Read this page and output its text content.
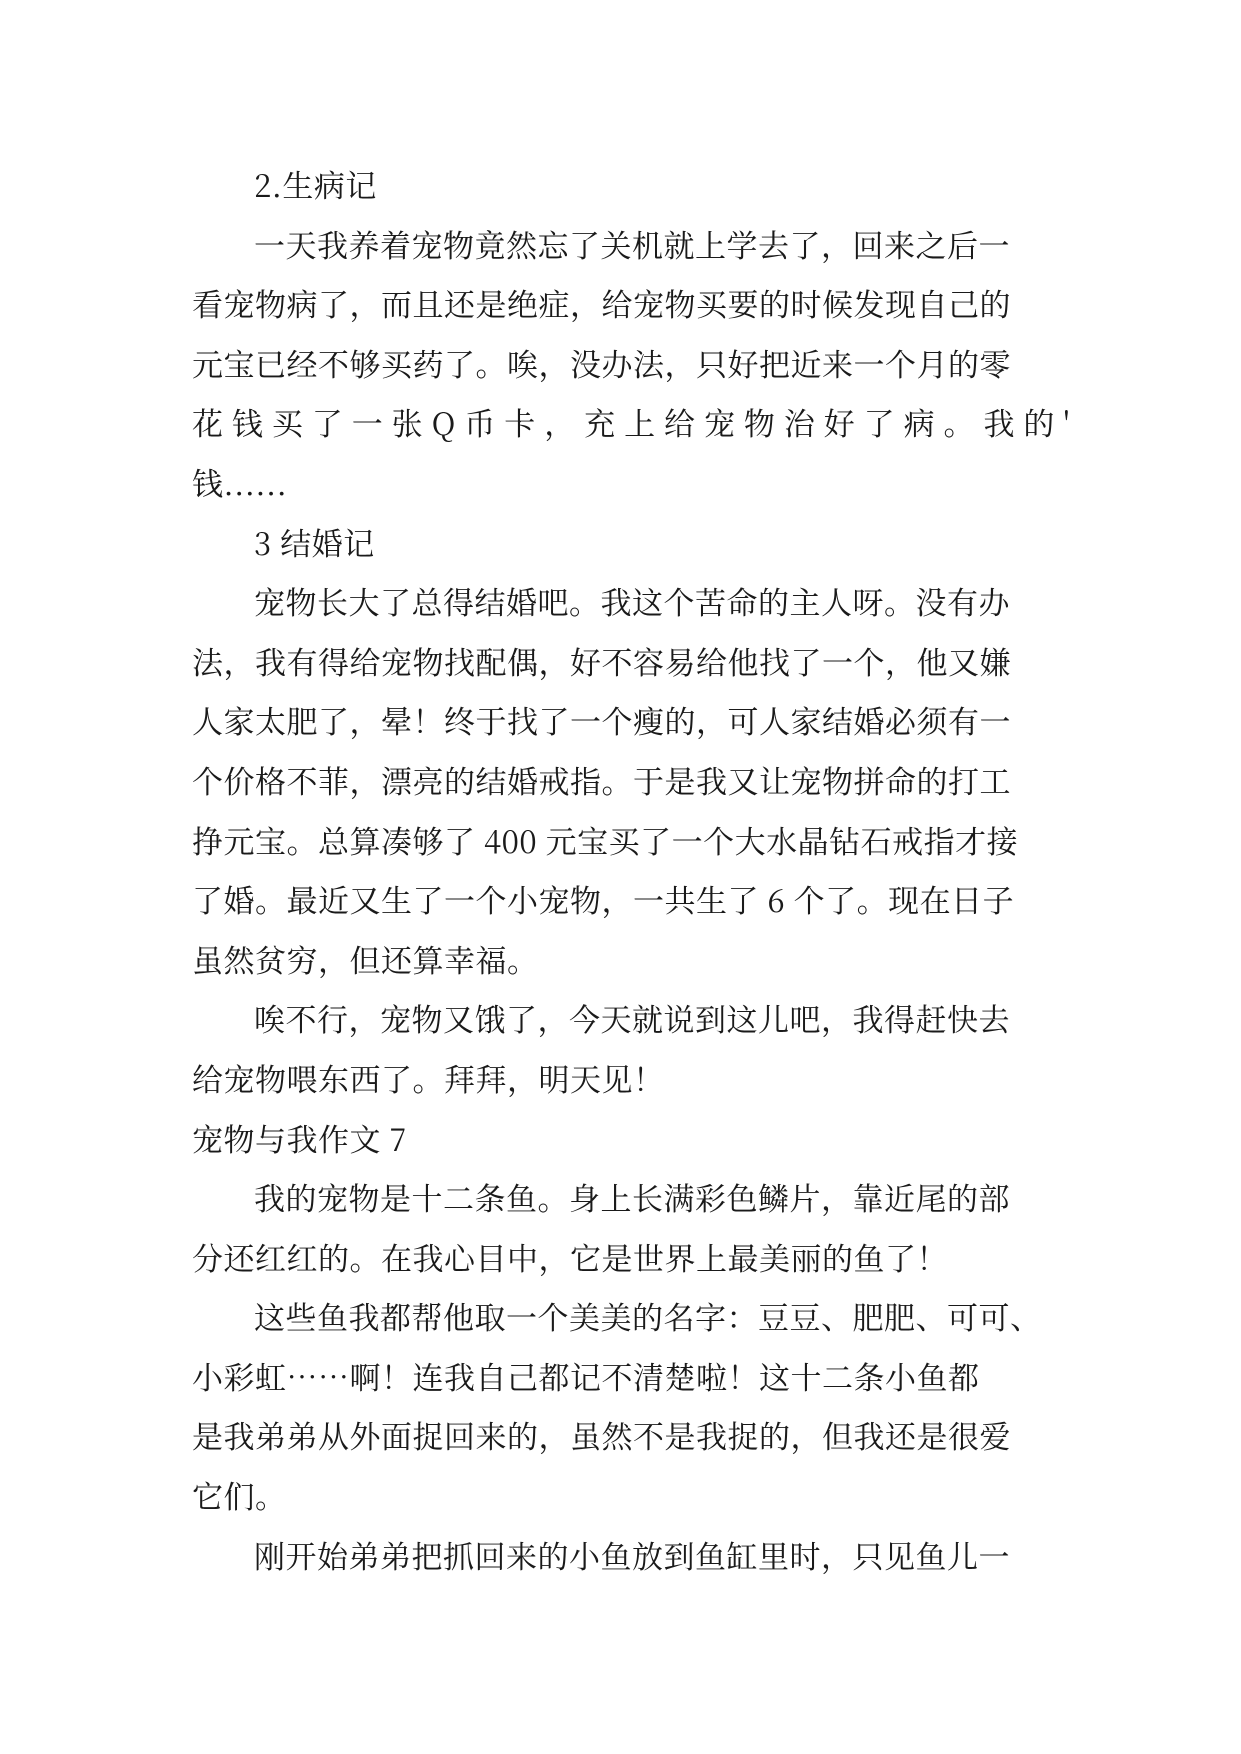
2.生病记
一天我养着宠物竟然忘了关机就上学去了，回来之后一
看宠物病了，而且还是绝症，给宠物买要的时候发现自己的
元宝已经不够买药了。唉，没办法，只好把近来一个月的零
花 钱 买 了 一 张 Q 币 卡 ， 充 上 给 宠 物 治 好 了 病 。 我 的 '
钱......
3 结婚记
宠物长大了总得结婚吧。我这个苦命的主人呀。没有办
法，我有得给宠物找配偶，好不容易给他找了一个，他又嫌
人家太肥了，晕！终于找了一个瘦的，可人家结婚必须有一
个价格不菲，漂亮的结婚戒指。于是我又让宠物拼命的打工
挣元宝。总算凑够了 400 元宝买了一个大水晶钻石戒指才接
了婚。最近又生了一个小宠物，一共生了 6 个了。现在日子
虽然贫穷，但还算幸福。
唉不行，宠物又饿了，今天就说到这儿吧，我得赶快去
给宠物喂东西了。拜拜，明天见！
宠物与我作文 7
我的宠物是十二条鱼。身上长满彩色鳞片，靠近尾的部
分还红红的。在我心目中，它是世界上最美丽的鱼了！
这些鱼我都帮他取一个美美的名字：豆豆、肥肥、可可、
小彩虹……啊！连我自己都记不清楚啦！这十二条小鱼都
是我弟弟从外面捉回来的，虽然不是我捉的，但我还是很爱
它们。
刚开始弟弟把抓回来的小鱼放到鱼缸里时，只见鱼儿一
